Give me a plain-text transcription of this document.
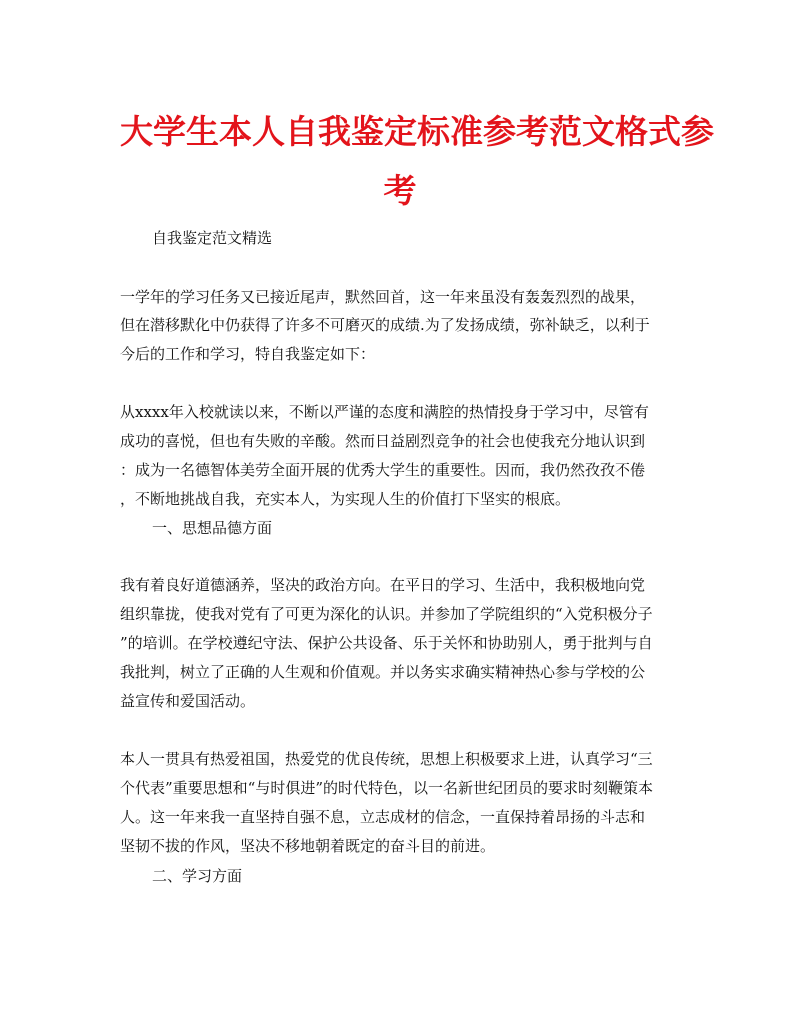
大学生本人自我鉴定标准参考范文格式参
考

自我鉴定范文精选

一学年的学习任务又已接近尾声，默然回首，这一年来虽没有轰轰烈烈的战果，

但在潜移默化中仍获得了许多不可磨灭的成绩.为了发扬成绩，弥补缺乏，以利于

今后的工作和学习，特自我鉴定如下：

从xxxx年入校就读以来，不断以严谨的态度和满腔的热情投身于学习中，尽管有

成功的喜悦，但也有失败的辛酸。然而日益剧烈竞争的社会也使我充分地认识到

：成为一名德智体美劳全面开展的优秀大学生的重要性。因而，我仍然孜孜不倦

，不断地挑战自我，充实本人，为实现人生的价值打下坚实的根底。

一、思想品德方面

我有着良好道德涵养，坚决的政治方向。在平日的学习、生活中，我积极地向党

组织靠拢，使我对党有了可更为深化的认识。并参加了学院组织的“入党积极分子

”的培训。在学校遵纪守法、保护公共设备、乐于关怀和协助别人，勇于批判与自

我批判，树立了正确的人生观和价值观。并以务实求确实精神热心参与学校的公

益宣传和爱国活动。

本人一贯具有热爱祖国，热爱党的优良传统，思想上积极要求上进，认真学习“三

个代表”重要思想和“与时俱进”的时代特色，以一名新世纪团员的要求时刻鞭策本

人。这一年来我一直坚持自强不息，立志成材的信念，一直保持着昂扬的斗志和

坚韧不拔的作风，坚决不移地朝着既定的奋斗目的前进。

二、学习方面
